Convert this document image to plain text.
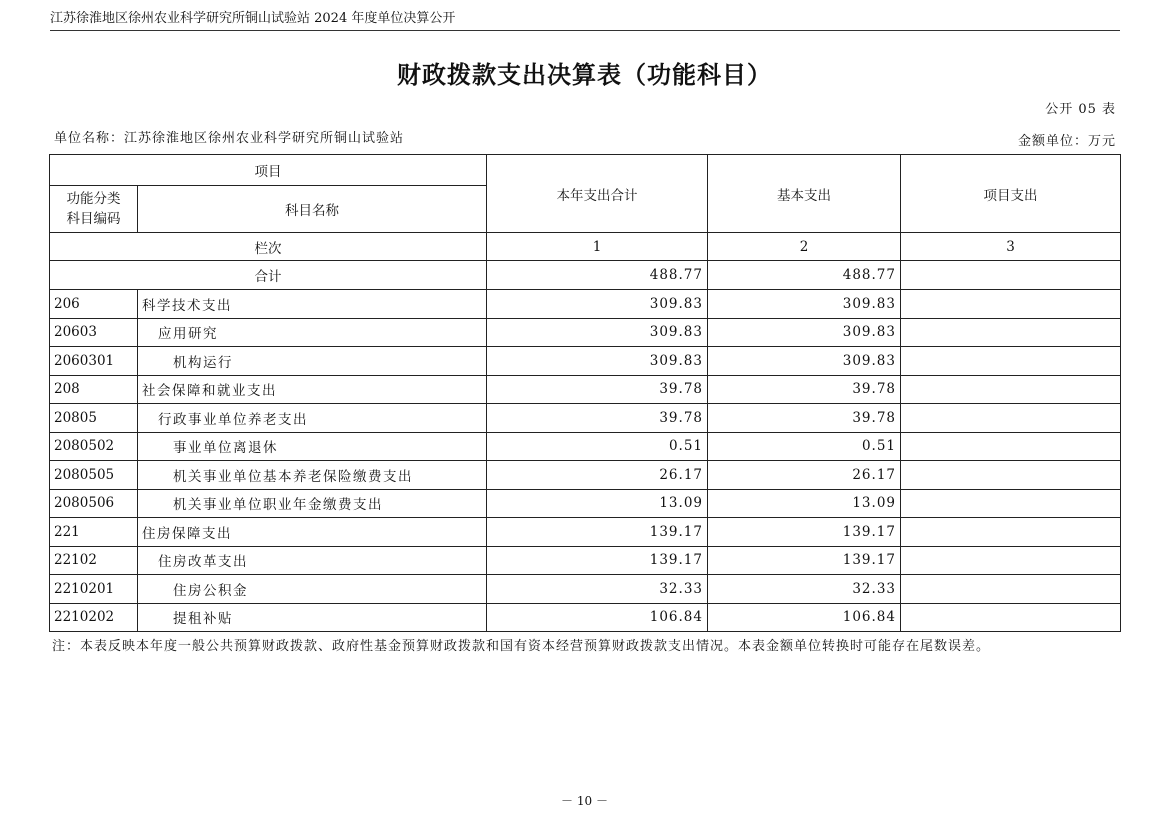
江苏徐淮地区徐州农业科学研究所铜山试验站 2024 年度单位决算公开
财政拨款支出决算表（功能科目）
公开 05 表
单位名称：江苏徐淮地区徐州农业科学研究所铜山试验站	金额单位：万元
项目		本年支出合计	基本支出	项目支出
功能分类
科目编码	科目名称			
栏次		1	2	3
合计		488.77	488.77	
206	科学技术支出	309.83	309.83	
20603	应用研究	309.83	309.83	
2060301	机构运行	309.83	309.83	
208	社会保障和就业支出	39.78	39.78	
20805	行政事业单位养老支出	39.78	39.78	
2080502	事业单位离退休	0.51	0.51	
2080505	机关事业单位基本养老保险缴费支出	26.17	26.17	
2080506	机关事业单位职业年金缴费支出	13.09	13.09	
221	住房保障支出	139.17	139.17	
22102	住房改革支出	139.17	139.17	
2210201	住房公积金	32.33	32.33	
2210202	提租补贴	106.84	106.84	
注：本表反映本年度一般公共预算财政拨款、政府性基金预算财政拨款和国有资本经营预算财政拨款支出情况。本表金额单位转换时可能存在尾数误差。
－ 10 －
